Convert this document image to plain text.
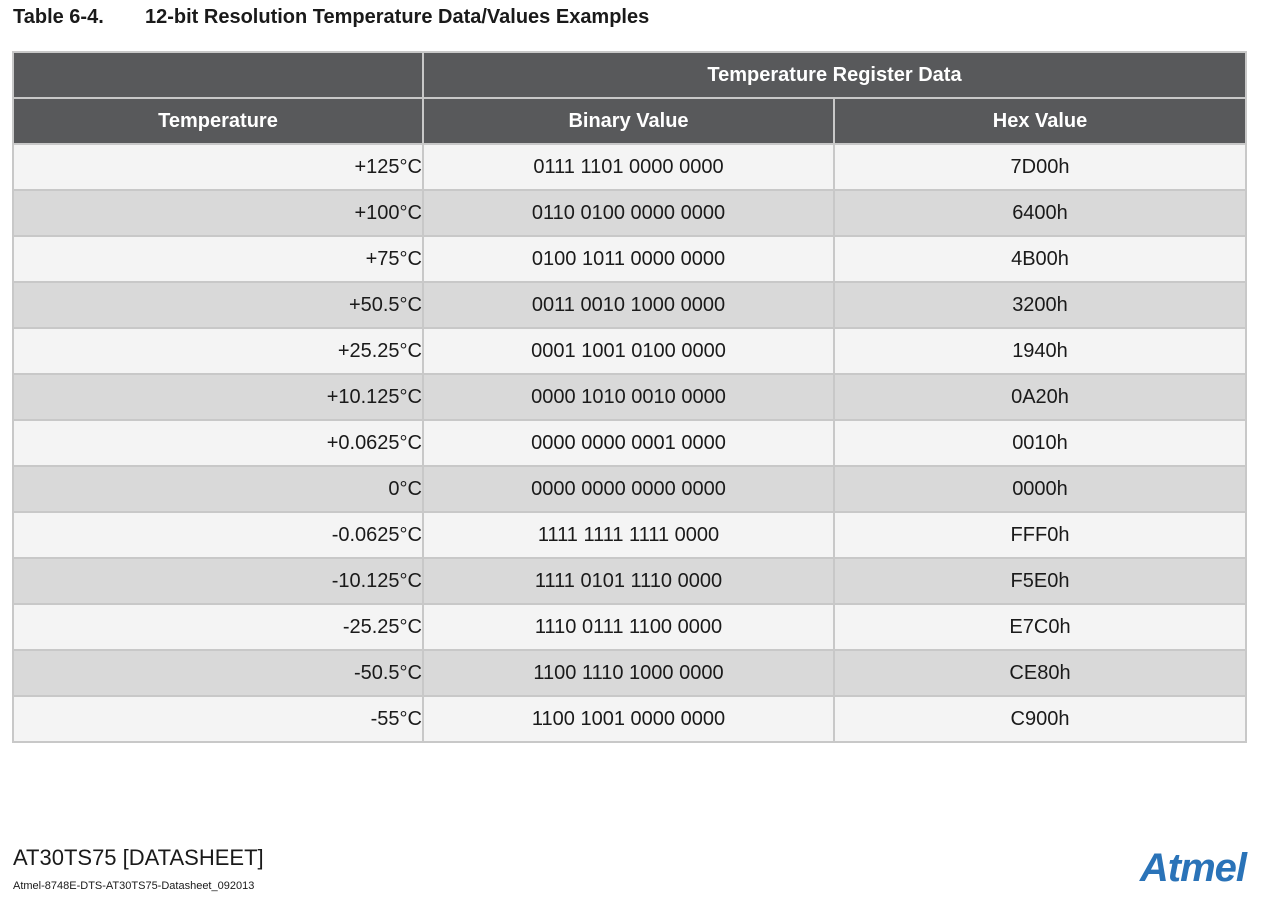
Table 6-4. 12-bit Resolution Temperature Data/Values Examples
	Temperature Register Data	
Temperature	Binary Value	Hex Value
+125°C	0111 1101 0000 0000	7D00h
+100°C	0110 0100 0000 0000	6400h
+75°C	0100 1011 0000 0000	4B00h
+50.5°C	0011 0010 1000 0000	3200h
+25.25°C	0001 1001 0100 0000	1940h
+10.125°C	0000 1010 0010 0000	0A20h
+0.0625°C	0000 0000 0001 0000	0010h
0°C	0000 0000 0000 0000	0000h
-0.0625°C	1111 1111 1111 0000	FFF0h
-10.125°C	1111 0101 1110 0000	F5E0h
-25.25°C	1110 0111 1100 0000	E7C0h
-50.5°C	1100 1110 1000 0000	CE80h
-55°C	1100 1001 0000 0000	C900h
AT30TS75 [DATASHEET]
Atmel-8748E-DTS-AT30TS75-Datasheet_092013	Atmel
